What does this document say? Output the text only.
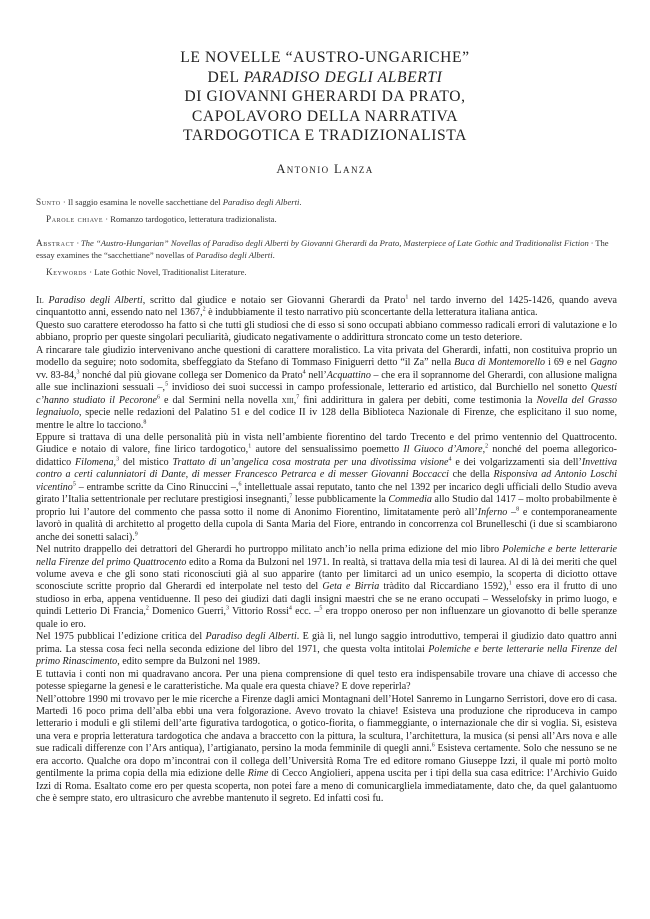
LE NOVELLE “AUSTRO-UNGARICHE”
DEL PARADISO DEGLI ALBERTI
DI GIOVANNI GHERARDI DA PRATO,
CAPOLAVORO DELLA NARRATIVA
TARDOGOTICA E TRADIZIONALISTA
Antonio Lanza
Sunto · Il saggio esamina le novelle sacchettiane del Paradiso degli Alberti.
Parole chiave · Romanzo tardogotico, letteratura tradizionalista.
Abstract · The “Austro-Hungarian” Novellas of Paradiso degli Alberti by Giovanni Gherardi da Prato, Masterpiece of Late Gothic and Traditionalist Fiction · The essay examines the “sacchettiane” novellas of Paradiso degli Alberti.
Keywords · Late Gothic Novel, Traditionalist Literature.

Il Paradiso degli Alberti, scritto dal giudice e notaio ser Giovanni Gherardi da Prato$^1$ nel tardo inverno del 1425-1426, quando aveva cinquantotto anni, essendo nato nel 1367,$^2$ è indubbiamente il testo narrativo più sconcertante della letteratura italiana antica.

Questo suo carattere eterodosso ha fatto sì che tutti gli studiosi che di esso si sono occupati abbiano commesso radicali errori di valutazione e lo abbiano, proprio per queste singolari peculiarità, giudicato negativamente o addirittura stroncato come un testo deteriore.

A rincarare tale giudizio intervenivano anche questioni di carattere moralistico. La vita privata del Gherardi, infatti, non costituiva proprio un modello da seguire; noto sodomita, sbeffeggiato da Stefano di Tommaso Finiguerri detto “il Za” nella Buca di Montemorello i 69 e nel Gagno vv. 83-84,$^3$ nonché dal più giovane collega ser Domenico da Prato$^4$ nell’Acquattino – che era il soprannome del Gherardi, con allusione maligna alle sue inclinazioni sessuali –,$^5$ invidioso dei suoi successi in campo professionale, letterario ed artistico, dal Burchiello nel sonetto Questi c’hanno studiato il Pecorone$^6$ e dal Sermini nella novella xiii,$^7$ finì addirittura in galera per debiti, come testimonia la Novella del Grasso legnaiuolo, specie nelle redazioni del Palatino 51 e del codice II iv 128 della Biblioteca Nazionale di Firenze, che esplicitano il suo nome, mentre le altre lo tacciono.$^8$

Eppure si trattava di una delle personalità più in vista nell’ambiente fiorentino del tardo Trecento e del primo ventennio del Quattrocento. Giudice e notaio di valore, fine lirico tardogotico,$^1$ autore del sensualissimo poemetto Il Giuoco d’Amore,$^2$ nonché del poema allegorico-didattico Filomena,$^3$ del mistico Trattato di un’angelica cosa mostrata per una divotissima visione$^4$ e dei volgarizzamenti sia dell’Invettiva contro a certi calunniatori di Dante, di messer Francesco Petrarca e di messer Giovanni Boccacci che della Risponsiva ad Antonio Loschi vicentino$^5$ – entrambe scritte da Cino Rinuccini –,$^6$ intellettuale assai reputato, tanto che nel 1392 per incarico degli ufficiali dello Studio aveva girato l’Italia settentrionale per reclutare prestigiosi insegnanti,$^7$ lesse pubblicamente la Commedia allo Studio dal 1417 – molto probabilmente è proprio lui l’autore del commento che passa sotto il nome di Anonimo Fiorentino, limitatamente però all’Inferno –$^8$ e contemporaneamente lavorò in qualità di architetto al progetto della cupola di Santa Maria del Fiore, entrando in concorrenza col Brunelleschi (i due si scambiarono anche dei sonetti salaci).$^9$

Nel nutrito drappello dei detrattori del Gherardi ho purtroppo militato anch’io nella prima edizione del mio libro Polemiche e berte letterarie nella Firenze del primo Quattrocento edito a Roma da Bulzoni nel 1971. In realtà, si trattava della mia tesi di laurea. Al di là dei meriti che quel volume aveva e che gli sono stati riconosciuti già al suo apparire (tanto per limitarci ad un unico esempio, la scoperta di diciotto ottave sconosciute scritte proprio dal Gherardi ed interpolate nel testo del Geta e Birria tràdito dal Riccardiano 1592),$^1$ esso era il frutto di uno studioso in erba, appena ventiduenne. Il peso dei giudizi dati dagli insigni maestri che se ne erano occupati – Wesselofsky in primo luogo, e quindi Letterio Di Francia,$^2$ Domenico Guerri,$^3$ Vittorio Rossi$^4$ ecc. –$^5$ era troppo oneroso per non influenzare un giovanotto di belle speranze quale io ero.

Nel 1975 pubblicai l’edizione critica del Paradiso degli Alberti. E già lì, nel lungo saggio introduttivo, temperai il giudizio dato quattro anni prima. La stessa cosa feci nella seconda edizione del libro del 1971, che questa volta intitolai Polemiche e berte letterarie nella Firenze del primo Rinascimento, edito sempre da Bulzoni nel 1989.

E tuttavia i conti non mi quadravano ancora. Per una piena comprensione di quel testo era indispensabile trovare una chiave di accesso che potesse spiegarne la genesi e le caratteristiche. Ma quale era questa chiave? E dove reperirla?

Nell’ottobre 1990 mi trovavo per le mie ricerche a Firenze dagli amici Montagnani dell’Hotel Sanremo in Lungarno Serristori, dove ero di casa. Martedì 16 poco prima dell’alba ebbi una vera folgorazione. Avevo trovato la chiave! Esisteva una produzione che riproduceva in campo letterario i moduli e gli stilemi dell’arte figurativa tardogotica, o gotico-fiorita, o fiammeggiante, o internazionale che dir si voglia. Sì, esisteva una vera e propria letteratura tardogotica che andava a braccetto con la pittura, la scultura, l’architettura, la musica (si pensi all’Ars nova e alle sue radicali differenze con l’Ars antiqua), l’artigianato, persino la moda femminile di quegli anni.$^6$ Esisteva certamente. Solo che nessuno se ne era accorto. Qualche ora dopo m’incontrai con il collega dell’Università Roma Tre ed editore romano Giuseppe Izzi, il quale mi portò molto gentilmente la prima copia della mia edizione delle Rime di Cecco Angiolieri, appena uscita per i tipi della sua casa editrice: l’Archivio Guido Izzi di Roma. Esaltato come ero per questa scoperta, non potei fare a meno di comunicargliela immediatamente, dato che, da quel galantuomo che è sempre stato, ero ultrasicuro che avrebbe mantenuto il segreto. Ed infatti così fu.
